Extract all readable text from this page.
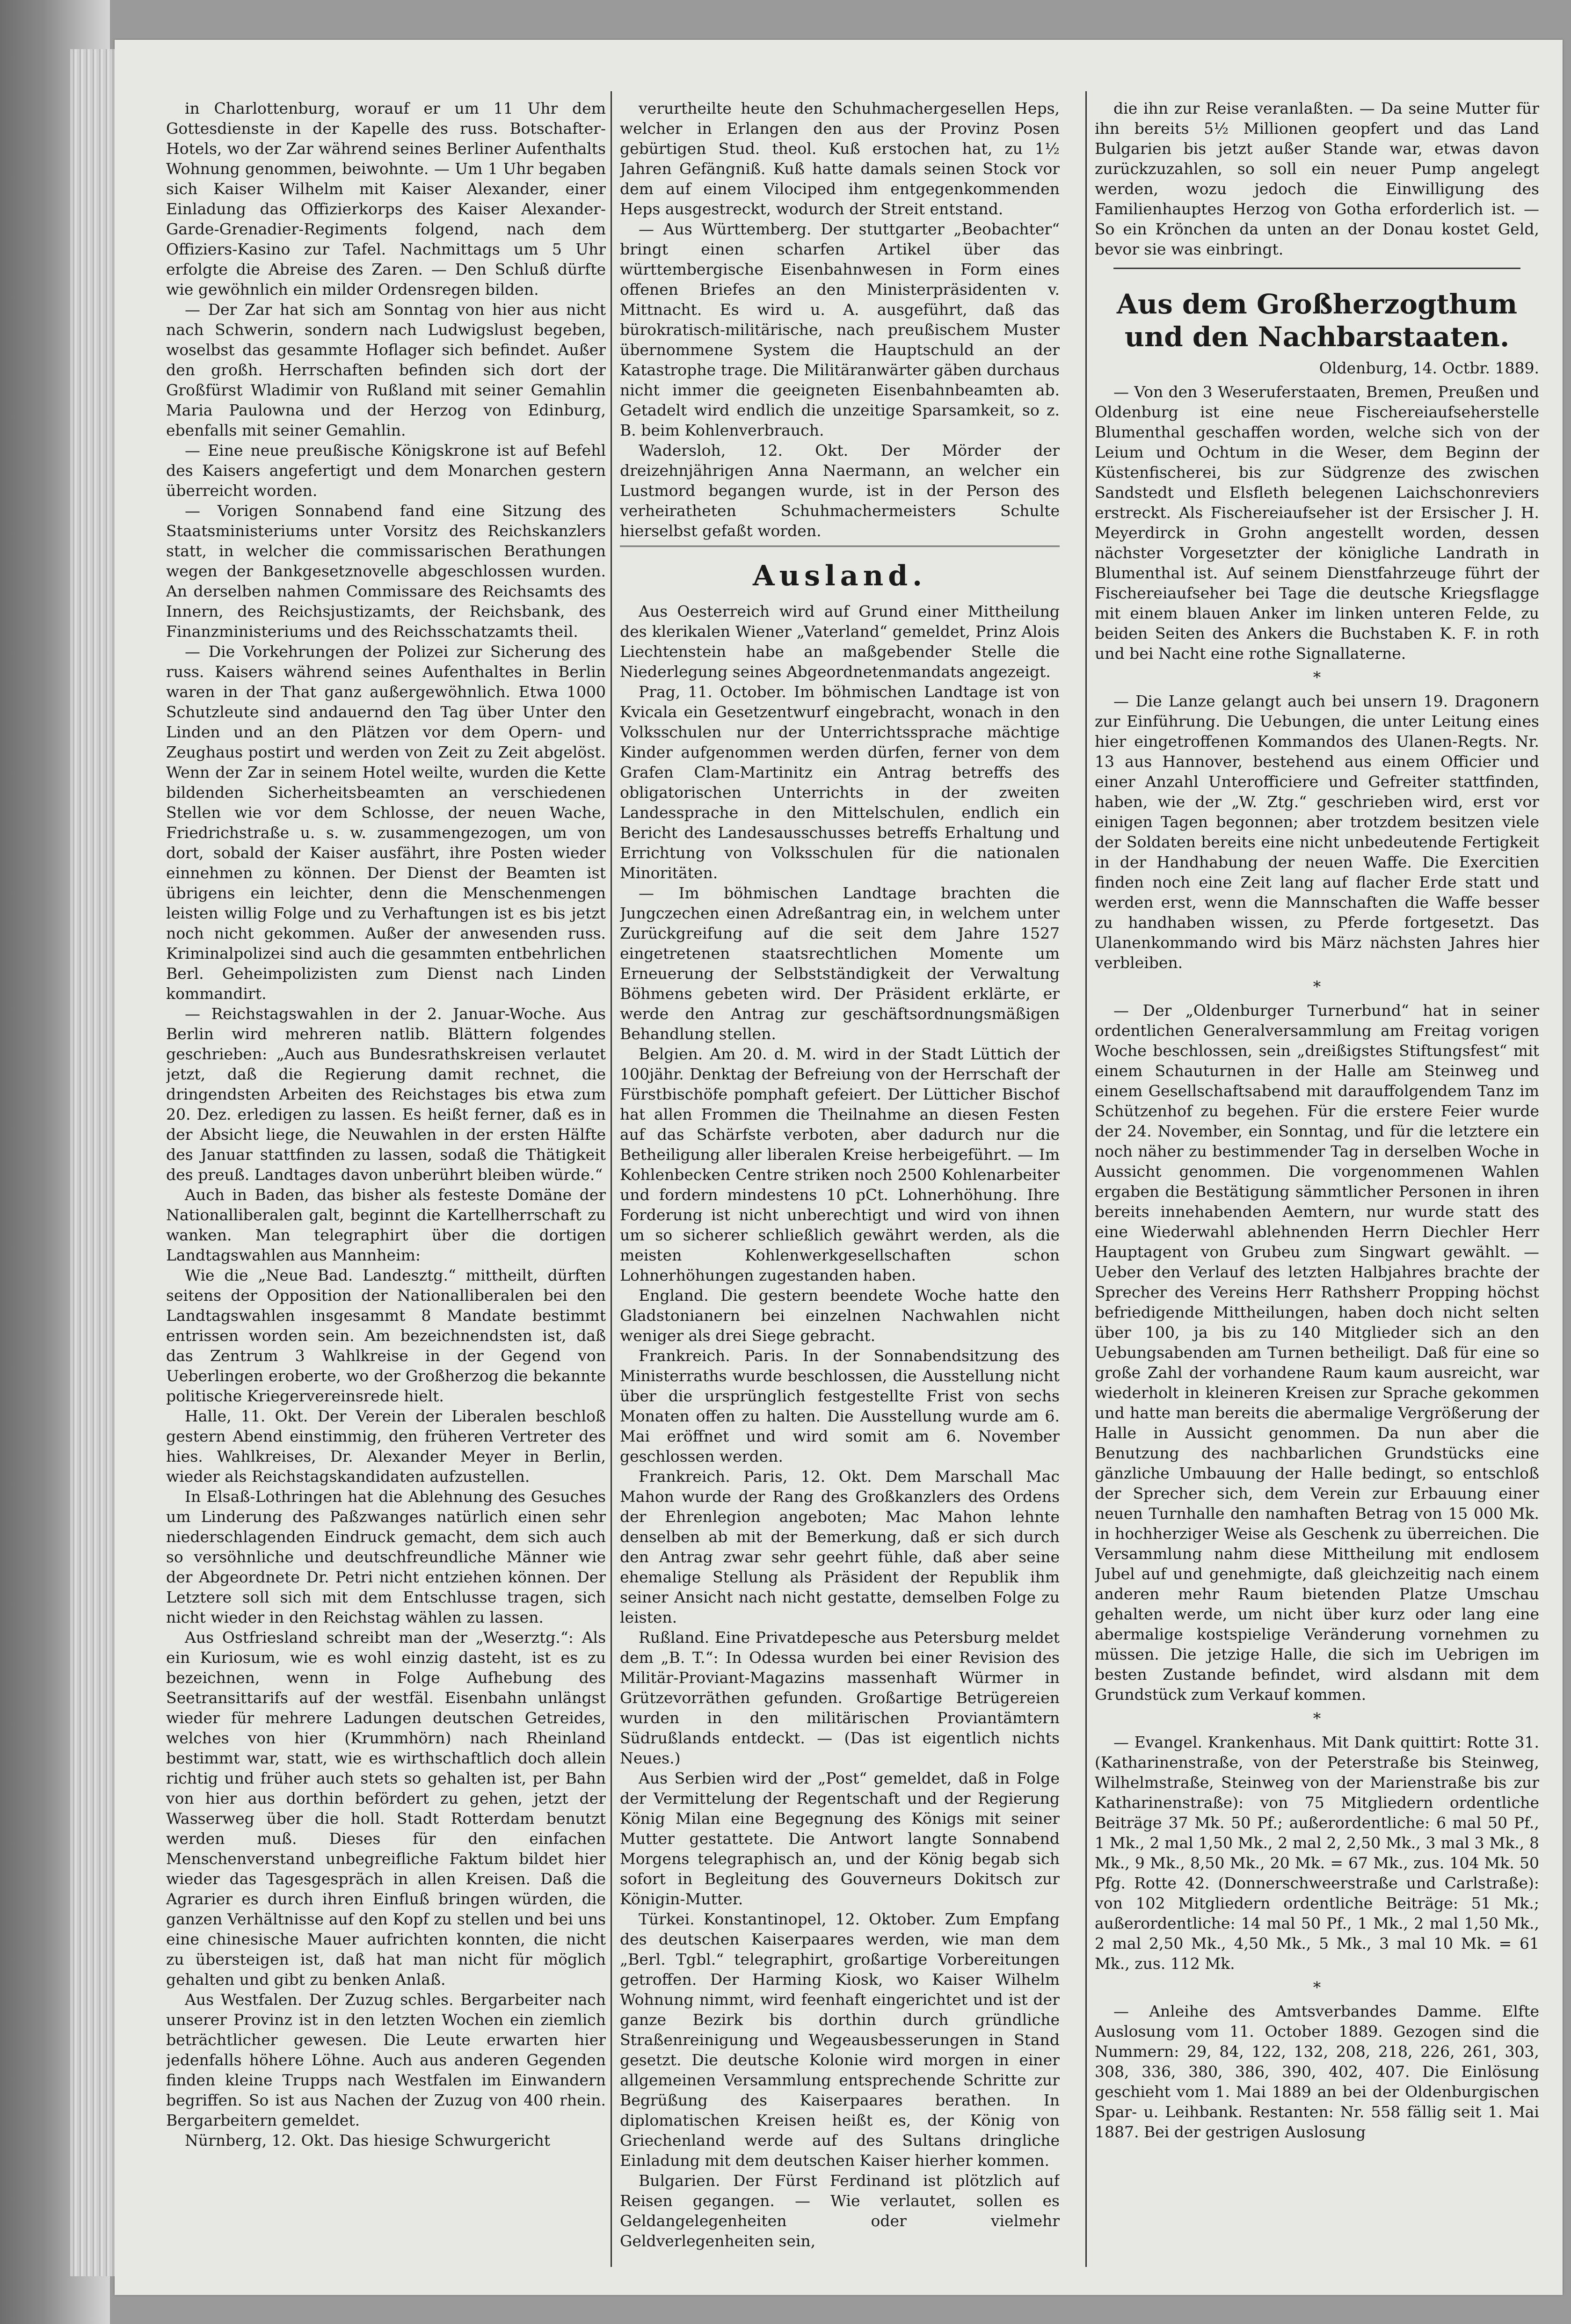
in Charlottenburg, worauf er um 11 Uhr dem Gottesdienste in der Kapelle des russ. Botschafter-Hotels, wo der Zar während seines Berliner Aufenthalts Wohnung genommen, beiwohnte. — Um 1 Uhr begaben sich Kaiser Wilhelm mit Kaiser Alexander, einer Einladung das Offizierkorps des Kaiser Alexander-Garde-Grenadier-Regiments folgend, nach dem Offiziers-Kasino zur Tafel. Nachmittags um 5 Uhr erfolgte die Abreise des Zaren. — Den Schluß dürfte wie gewöhnlich ein milder Ordensregen bilden.

— Der Zar hat sich am Sonntag von hier aus nicht nach Schwerin, sondern nach Ludwigslust begeben, woselbst das gesammte Hoflager sich befindet. Außer den großh. Herrschaften befinden sich dort der Großfürst Wladimir von Rußland mit seiner Gemahlin Maria Paulowna und der Herzog von Edinburg, ebenfalls mit seiner Gemahlin.

— Eine neue preußische Königskrone ist auf Befehl des Kaisers angefertigt und dem Monarchen gestern überreicht worden.

— Vorigen Sonnabend fand eine Sitzung des Staatsministeriums unter Vorsitz des Reichskanzlers statt, in welcher die commissarischen Berathungen wegen der Bankgesetznovelle abgeschlossen wurden. An derselben nahmen Commissare des Reichsamts des Innern, des Reichsjustizamts, der Reichsbank, des Finanzministeriums und des Reichsschatzamts theil.

— Die Vorkehrungen der Polizei zur Sicherung des russ. Kaisers während seines Aufenthaltes in Berlin waren in der That ganz außergewöhnlich. Etwa 1000 Schutzleute sind andauernd den Tag über Unter den Linden und an den Plätzen vor dem Opern- und Zeughaus postirt und werden von Zeit zu Zeit abgelöst. Wenn der Zar in seinem Hotel weilte, wurden die Kette bildenden Sicherheitsbeamten an verschiedenen Stellen wie vor dem Schlosse, der neuen Wache, Friedrichstraße u. s. w. zusammengezogen, um von dort, sobald der Kaiser ausfährt, ihre Posten wieder einnehmen zu können. Der Dienst der Beamten ist übrigens ein leichter, denn die Menschenmengen leisten willig Folge und zu Verhaftungen ist es bis jetzt noch nicht gekommen. Außer der anwesenden russ. Kriminalpolizei sind auch die gesammten entbehrlichen Berl. Geheimpolizisten zum Dienst nach Linden kommandirt.

— Reichstagswahlen in der 2. Januar-Woche. Aus Berlin wird mehreren natlib. Blättern folgendes geschrieben: „Auch aus Bundesrathskreisen verlautet jetzt, daß die Regierung damit rechnet, die dringendsten Arbeiten des Reichstages bis etwa zum 20. Dez. erledigen zu lassen. Es heißt ferner, daß es in der Absicht liege, die Neuwahlen in der ersten Hälfte des Januar stattfinden zu lassen, sodaß die Thätigkeit des preuß. Landtages davon unberührt bleiben würde.“

Auch in Baden, das bisher als festeste Domäne der Nationalliberalen galt, beginnt die Kartellherrschaft zu wanken. Man telegraphirt über die dortigen Landtagswahlen aus Mannheim:

Wie die „Neue Bad. Landesztg.“ mittheilt, dürften seitens der Opposition der Nationalliberalen bei den Landtagswahlen insgesammt 8 Mandate bestimmt entrissen worden sein. Am bezeichnendsten ist, daß das Zentrum 3 Wahlkreise in der Gegend von Ueberlingen eroberte, wo der Großherzog die bekannte politische Kriegervereinsrede hielt.

Halle, 11. Okt. Der Verein der Liberalen beschloß gestern Abend einstimmig, den früheren Vertreter des hies. Wahlkreises, Dr. Alexander Meyer in Berlin, wieder als Reichstagskandidaten aufzustellen.

In Elsaß-Lothringen hat die Ablehnung des Gesuches um Linderung des Paßzwanges natürlich einen sehr niederschlagenden Eindruck gemacht, dem sich auch so versöhnliche und deutschfreundliche Männer wie der Abgeordnete Dr. Petri nicht entziehen können. Der Letztere soll sich mit dem Entschlusse tragen, sich nicht wieder in den Reichstag wählen zu lassen.

Aus Ostfriesland schreibt man der „Weserztg.“: Als ein Kuriosum, wie es wohl einzig dasteht, ist es zu bezeichnen, wenn in Folge Aufhebung des Seetransittarifs auf der westfäl. Eisenbahn unlängst wieder für mehrere Ladungen deutschen Getreides, welches von hier (Krummhörn) nach Rheinland bestimmt war, statt, wie es wirthschaftlich doch allein richtig und früher auch stets so gehalten ist, per Bahn von hier aus dorthin befördert zu gehen, jetzt der Wasserweg über die holl. Stadt Rotterdam benutzt werden muß. Dieses für den einfachen Menschenverstand unbegreifliche Faktum bildet hier wieder das Tagesgespräch in allen Kreisen. Daß die Agrarier es durch ihren Einfluß bringen würden, die ganzen Verhältnisse auf den Kopf zu stellen und bei uns eine chinesische Mauer aufrichten konnten, die nicht zu übersteigen ist, daß hat man nicht für möglich gehalten und gibt zu benken Anlaß.

Aus Westfalen. Der Zuzug schles. Bergarbeiter nach unserer Provinz ist in den letzten Wochen ein ziemlich beträchtlicher gewesen. Die Leute erwarten hier jedenfalls höhere Löhne. Auch aus anderen Gegenden finden kleine Trupps nach Westfalen im Einwandern begriffen. So ist aus Nachen der Zuzug von 400 rhein. Bergarbeitern gemeldet.

Nürnberg, 12. Okt. Das hiesige Schwurgericht

verurtheilte heute den Schuhmachergesellen Heps, welcher in Erlangen den aus der Provinz Posen gebürtigen Stud. theol. Kuß erstochen hat, zu 1½ Jahren Gefängniß. Kuß hatte damals seinen Stock vor dem auf einem Vilociped ihm entgegenkommenden Heps ausgestreckt, wodurch der Streit entstand.

— Aus Württemberg. Der stuttgarter „Beobachter“ bringt einen scharfen Artikel über das württembergische Eisenbahnwesen in Form eines offenen Briefes an den Ministerpräsidenten v. Mittnacht. Es wird u. A. ausgeführt, daß das bürokratisch-militärische, nach preußischem Muster übernommene System die Hauptschuld an der Katastrophe trage. Die Militäranwärter gäben durchaus nicht immer die geeigneten Eisenbahnbeamten ab. Getadelt wird endlich die unzeitige Sparsamkeit, so z. B. beim Kohlenverbrauch.

Wadersloh, 12. Okt. Der Mörder der dreizehnjährigen Anna Naermann, an welcher ein Lustmord begangen wurde, ist in der Person des verheiratheten Schuhmachermeisters Schulte hierselbst gefaßt worden.

Ausland.

Aus Oesterreich wird auf Grund einer Mittheilung des klerikalen Wiener „Vaterland“ gemeldet, Prinz Alois Liechtenstein habe an maßgebender Stelle die Niederlegung seines Abgeordnetenmandats angezeigt.

Prag, 11. October. Im böhmischen Landtage ist von Kvicala ein Gesetzentwurf eingebracht, wonach in den Volksschulen nur der Unterrichtssprache mächtige Kinder aufgenommen werden dürfen, ferner von dem Grafen Clam-Martinitz ein Antrag betreffs des obligatorischen Unterrichts in der zweiten Landessprache in den Mittelschulen, endlich ein Bericht des Landesausschusses betreffs Erhaltung und Errichtung von Volksschulen für die nationalen Minoritäten.

— Im böhmischen Landtage brachten die Jungczechen einen Adreßantrag ein, in welchem unter Zurückgreifung auf die seit dem Jahre 1527 eingetretenen staatsrechtlichen Momente um Erneuerung der Selbstständigkeit der Verwaltung Böhmens gebeten wird. Der Präsident erklärte, er werde den Antrag zur geschäftsordnungsmäßigen Behandlung stellen.

Belgien. Am 20. d. M. wird in der Stadt Lüttich der 100jähr. Denktag der Befreiung von der Herrschaft der Fürstbischöfe pomphaft gefeiert. Der Lütticher Bischof hat allen Frommen die Theilnahme an diesen Festen auf das Schärfste verboten, aber dadurch nur die Betheiligung aller liberalen Kreise herbeigeführt. — Im Kohlenbecken Centre striken noch 2500 Kohlenarbeiter und fordern mindestens 10 pCt. Lohnerhöhung. Ihre Forderung ist nicht unberechtigt und wird von ihnen um so sicherer schließlich gewährt werden, als die meisten Kohlenwerkgesellschaften schon Lohnerhöhungen zugestanden haben.

England. Die gestern beendete Woche hatte den Gladstonianern bei einzelnen Nachwahlen nicht weniger als drei Siege gebracht.

Frankreich. Paris. In der Sonnabendsitzung des Ministerraths wurde beschlossen, die Ausstellung nicht über die ursprünglich festgestellte Frist von sechs Monaten offen zu halten. Die Ausstellung wurde am 6. Mai eröffnet und wird somit am 6. November geschlossen werden.

Frankreich. Paris, 12. Okt. Dem Marschall Mac Mahon wurde der Rang des Großkanzlers des Ordens der Ehrenlegion angeboten; Mac Mahon lehnte denselben ab mit der Bemerkung, daß er sich durch den Antrag zwar sehr geehrt fühle, daß aber seine ehemalige Stellung als Präsident der Republik ihm seiner Ansicht nach nicht gestatte, demselben Folge zu leisten.

Rußland. Eine Privatdepesche aus Petersburg meldet dem „B. T.“: In Odessa wurden bei einer Revision des Militär-Proviant-Magazins massenhaft Würmer in Grützevorräthen gefunden. Großartige Betrügereien wurden in den militärischen Proviantämtern Südrußlands entdeckt. — (Das ist eigentlich nichts Neues.)

Aus Serbien wird der „Post“ gemeldet, daß in Folge der Vermittelung der Regentschaft und der Regierung König Milan eine Begegnung des Königs mit seiner Mutter gestattete. Die Antwort langte Sonnabend Morgens telegraphisch an, und der König begab sich sofort in Begleitung des Gouverneurs Dokitsch zur Königin-Mutter.

Türkei. Konstantinopel, 12. Oktober. Zum Empfang des deutschen Kaiserpaares werden, wie man dem „Berl. Tgbl.“ telegraphirt, großartige Vorbereitungen getroffen. Der Harming Kiosk, wo Kaiser Wilhelm Wohnung nimmt, wird feenhaft eingerichtet und ist der ganze Bezirk bis dorthin durch gründliche Straßenreinigung und Wegeausbesserungen in Stand gesetzt. Die deutsche Kolonie wird morgen in einer allgemeinen Versammlung entsprechende Schritte zur Begrüßung des Kaiserpaares berathen. In diplomatischen Kreisen heißt es, der König von Griechenland werde auf des Sultans dringliche Einladung mit dem deutschen Kaiser hierher kommen.

Bulgarien. Der Fürst Ferdinand ist plötzlich auf Reisen gegangen. — Wie verlautet, sollen es Geldangelegenheiten oder vielmehr Geldverlegenheiten sein,

die ihn zur Reise veranlaßten. — Da seine Mutter für ihn bereits 5½ Millionen geopfert und das Land Bulgarien bis jetzt außer Stande war, etwas davon zurückzuzahlen, so soll ein neuer Pump angelegt werden, wozu jedoch die Einwilligung des Familienhauptes Herzog von Gotha erforderlich ist. — So ein Krönchen da unten an der Donau kostet Geld, bevor sie was einbringt.

Aus dem Großherzogthum und den Nachbarstaaten.

Oldenburg, 14. Octbr. 1889.

— Von den 3 Weseruferstaaten, Bremen, Preußen und Oldenburg ist eine neue Fischereiaufseherstelle Blumenthal geschaffen worden, welche sich von der Leium und Ochtum in die Weser, dem Beginn der Küstenfischerei, bis zur Südgrenze des zwischen Sandstedt und Elsfleth belegenen Laichschonreviers erstreckt. Als Fischereiaufseher ist der Ersischer J. H. Meyerdirck in Grohn angestellt worden, dessen nächster Vorgesetzter der königliche Landrath in Blumenthal ist. Auf seinem Dienstfahrzeuge führt der Fischereiaufseher bei Tage die deutsche Kriegsflagge mit einem blauen Anker im linken unteren Felde, zu beiden Seiten des Ankers die Buchstaben K. F. in roth und bei Nacht eine rothe Signallaterne.

*

— Die Lanze gelangt auch bei unsern 19. Dragonern zur Einführung. Die Uebungen, die unter Leitung eines hier eingetroffenen Kommandos des Ulanen-Regts. Nr. 13 aus Hannover, bestehend aus einem Officier und einer Anzahl Unterofficiere und Gefreiter stattfinden, haben, wie der „W. Ztg.“ geschrieben wird, erst vor einigen Tagen begonnen; aber trotzdem besitzen viele der Soldaten bereits eine nicht unbedeutende Fertigkeit in der Handhabung der neuen Waffe. Die Exercitien finden noch eine Zeit lang auf flacher Erde statt und werden erst, wenn die Mannschaften die Waffe besser zu handhaben wissen, zu Pferde fortgesetzt. Das Ulanenkommando wird bis März nächsten Jahres hier verbleiben.

*

— Der „Oldenburger Turnerbund“ hat in seiner ordentlichen Generalversammlung am Freitag vorigen Woche beschlossen, sein „dreißigstes Stiftungsfest“ mit einem Schauturnen in der Halle am Steinweg und einem Gesellschaftsabend mit darauffolgendem Tanz im Schützenhof zu begehen. Für die erstere Feier wurde der 24. November, ein Sonntag, und für die letztere ein noch näher zu bestimmender Tag in derselben Woche in Aussicht genommen. Die vorgenommenen Wahlen ergaben die Bestätigung sämmtlicher Personen in ihren bereits innehabenden Aemtern, nur wurde statt des eine Wiederwahl ablehnenden Herrn Diechler Herr Hauptagent von Grubeu zum Singwart gewählt. — Ueber den Verlauf des letzten Halbjahres brachte der Sprecher des Vereins Herr Rathsherr Propping höchst befriedigende Mittheilungen, haben doch nicht selten über 100, ja bis zu 140 Mitglieder sich an den Uebungsabenden am Turnen betheiligt. Daß für eine so große Zahl der vorhandene Raum kaum ausreicht, war wiederholt in kleineren Kreisen zur Sprache gekommen und hatte man bereits die abermalige Vergrößerung der Halle in Aussicht genommen. Da nun aber die Benutzung des nachbarlichen Grundstücks eine gänzliche Umbauung der Halle bedingt, so entschloß der Sprecher sich, dem Verein zur Erbauung einer neuen Turnhalle den namhaften Betrag von 15 000 Mk. in hochherziger Weise als Geschenk zu überreichen. Die Versammlung nahm diese Mittheilung mit endlosem Jubel auf und genehmigte, daß gleichzeitig nach einem anderen mehr Raum bietenden Platze Umschau gehalten werde, um nicht über kurz oder lang eine abermalige kostspielige Veränderung vornehmen zu müssen. Die jetzige Halle, die sich im Uebrigen im besten Zustande befindet, wird alsdann mit dem Grundstück zum Verkauf kommen.

*

— Evangel. Krankenhaus. Mit Dank quittirt: Rotte 31. (Katharinenstraße, von der Peterstraße bis Steinweg, Wilhelmstraße, Steinweg von der Marienstraße bis zur Katharinenstraße): von 75 Mitgliedern ordentliche Beiträge 37 Mk. 50 Pf.; außerordentliche: 6 mal 50 Pf., 1 Mk., 2 mal 1,50 Mk., 2 mal 2, 2,50 Mk., 3 mal 3 Mk., 8 Mk., 9 Mk., 8,50 Mk., 20 Mk. = 67 Mk., zus. 104 Mk. 50 Pfg. Rotte 42. (Donnerschweerstraße und Carlstraße): von 102 Mitgliedern ordentliche Beiträge: 51 Mk.; außerordentliche: 14 mal 50 Pf., 1 Mk., 2 mal 1,50 Mk., 2 mal 2,50 Mk., 4,50 Mk., 5 Mk., 3 mal 10 Mk. = 61 Mk., zus. 112 Mk.

*

— Anleihe des Amtsverbandes Damme. Elfte Auslosung vom 11. October 1889. Gezogen sind die Nummern: 29, 84, 122, 132, 208, 218, 226, 261, 303, 308, 336, 380, 386, 390, 402, 407. Die Einlösung geschieht vom 1. Mai 1889 an bei der Oldenburgischen Spar- u. Leihbank. Restanten: Nr. 558 fällig seit 1. Mai 1887. Bei der gestrigen Auslosung
